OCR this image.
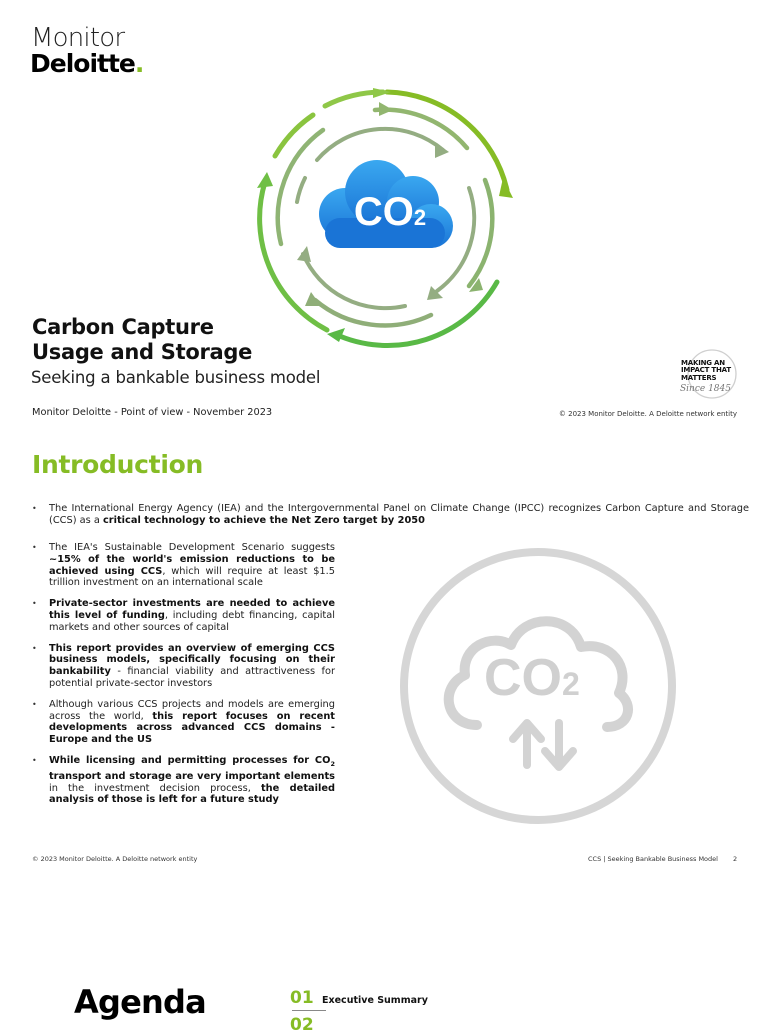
Monitor
Deloitte.
CO2
Carbon Capture
Usage and Storage
Seeking a bankable business model
Monitor Deloitte - Point of view - November 2023	© 2023 Monitor Deloitte. A Deloitte network entity
MAKING AN
IMPACT THAT
MATTERS
Since 1845
Introduction
• The International Energy Agency (IEA) and the Intergovernmental Panel on Climate Change (IPCC) recognizes Carbon Capture and Storage (CCS) as a critical technology to achieve the Net Zero target by 2050
• The IEA's Sustainable Development Scenario suggests ~15% of the world's emission reductions to be achieved using CCS, which will require at least $1.5 trillion investment on an international scale
• Private-sector investments are needed to achieve this level of funding, including debt financing, capital markets and other sources of capital
• This report provides an overview of emerging CCS business models, specifically focusing on their bankability - financial viability and attractiveness for potential private-sector investors
• Although various CCS projects and models are emerging across the world, this report focuses on recent developments across advanced CCS domains - Europe and the US
• While licensing and permitting processes for $CO_2$ transport and storage are very important elements in the investment decision process, the detailed analysis of those is left for a future study
CO2
© 2023 Monitor Deloitte. A Deloitte network entity	CCS | Seeking Bankable Business Model 2
Agenda	01 Executive Summary
02
